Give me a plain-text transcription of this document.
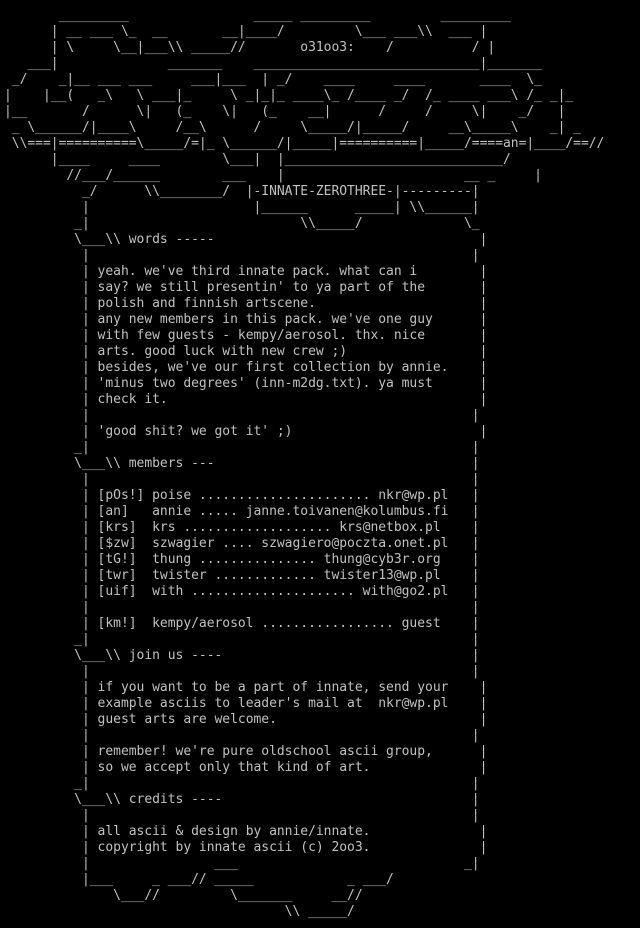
_________                _____ _________         _________
| __ ___ \_  __       __|____/         \___ ___\\  ___ |
| \     \__|___\\ _____//       o31oo3:    /          / |
___|              _______    _____________________________|_______
_/    _|__ ___ ___     ___|___  | _/    ____     ____       ____  \_
|    |__(   _\   \ ___|_     \ _|_|_ ____\_ /____ _/  /_ ____ ___\ /_ _|_
|__       /      \|   (_    \|   (_    __|      /     /     \|    _/   |
_ \______/|____\     /__\      /     \_____/|_____/     __\_____\    _| _
\\===|==========\_____/=|_ \______/|_____|==========|_____/====an=|____/==//
|____     ____        \___|  |____________________________/
//___/______        ___    |                       __ _     |
_/      \\________/  |-INNATE-ZEROTHREE-|---------|
|                     |______      _____| \\______|
_|                           \\_____/             \_
\___\\ words -----                                  |
|                                                 |
| yeah. we've third innate pack. what can i        |
| say? we still presentin' to ya part of the       |
| polish and finnish artscene.                     |
| any new members in this pack. we've one guy      |
| with few guests - kempy/aerosol. thx. nice       |
| arts. good luck with new crew ;)                 |
| besides, we've our first collection by annie.    |
| 'minus two degrees' (inn-m2dg.txt). ya must      |
| check it.                                        |
|                                                 |
| 'good shit? we got it' ;)                        |
_|                                                 |
\___\\ members ---                                 |
|                                                 |
| [pOs!] poise ...................... nkr@wp.pl   |
| [an]   annie ..... janne.toivanen@kolumbus.fi   |
| [krs]  krs ................... krs@netbox.pl    |
| [$zw]  szwagier .... szwagiero@poczta.onet.pl   |
| [tG!]  thung ............... thung@cyb3r.org    |
| [twr]  twister ............. twister13@wp.pl    |
| [uif]  with ..................... with@go2.pl   |
|                                                 |
| [km!]  kempy/aerosol ................. guest    |
_|                                                 |
\___\\ join us ----                                |
|                                                 |
| if you want to be a part of innate, send your    |
| example asciis to leader's mail at  nkr@wp.pl    |
| guest arts are welcome.                          |
|                                                 |
| remember! we're pure oldschool ascii group,      |
| so we accept only that kind of art.              |
_|                                                 |
\___\\ credits ----                                |
|                                                 |
| all ascii & design by annie/innate.              |
| copyright by innate ascii (c) 2oo3.              |
|                ___                             _|
|___     _ ___// _____            _ ___/
\___//         \_______     __//
\\ _____/
